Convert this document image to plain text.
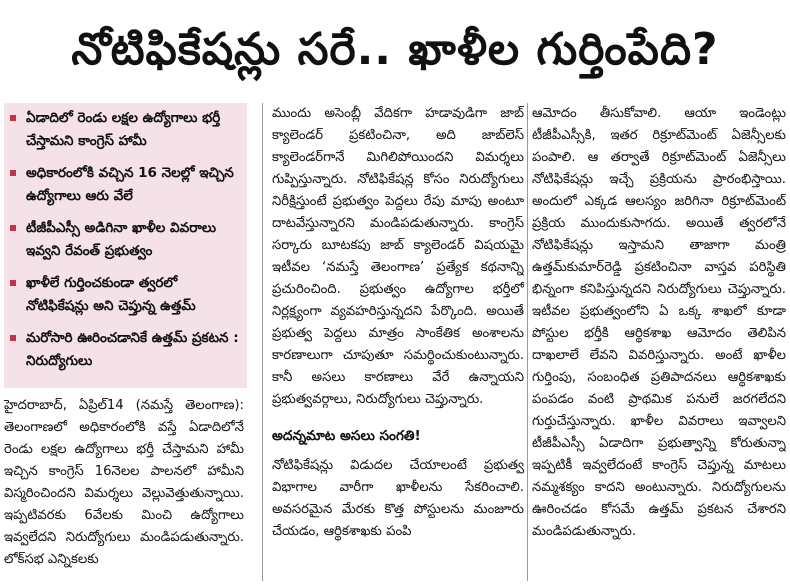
నోటిఫికేషన్లు సరే.. ఖాళీల గుర్తింపేది?
ఏడాదిలో రెండు లక్షల ఉద్యోగాలు భర్తీ చేస్తామని కాంగ్రెస్ హామీ
అధికారంలోకి వచ్చిన 16 నెలల్లో ఇచ్చిన ఉద్యోగాలు ఆరు వేలే
టీజీపీఎస్సీ అడిగినా ఖాళీల వివరాలు ఇవ్వని రేవంత్ ప్రభుత్వం
ఖాళీలే గుర్తించకుండా త్వరలో నోటిఫికేషన్లు అని చెప్తున్న ఉత్తమ్
మరోసారి ఊరించడానికే ఉత్తమ్ ప్రకటన : నిరుద్యోగులు

హైదరాబాద్, ఏప్రిల్14 (నమస్తే తెలంగాణ): తెలంగాణలో అధికారంలోకి వస్తే ఏడాదిలోనే రెండు లక్షల ఉద్యోగాలు భర్తీ చేస్తామని హామీ ఇచ్చిన కాంగ్రెస్ 16నెలల పాలనలో హామీని విస్మరించిందని విమర్శలు వెల్లువెత్తుతున్నాయి. ఇప్పటివరకు 6వేలకు మించి ఉద్యోగాలు ఇవ్వలేదని నిరుద్యోగులు మండిపడుతున్నారు. లోక్‌సభ ఎన్నికలకు

ముందు అసెంబ్లీ వేదికగా హడావుడిగా జాబ్ క్యాలెండర్ ప్రకటించినా, అది జాబ్‌లెస్ క్యాలెండర్‌గానే మిగిలిపోయిందని విమర్శలు గుప్పిస్తున్నారు. నోటిఫికేషన్ల కోసం నిరుద్యోగులు నిరీక్షిస్తుంటే ప్రభుత్వం పెద్దలు రేపు మాపు అంటూ దాటవేస్తున్నారని మండిపడుతున్నారు. కాంగ్రెస్ సర్కారు బూటకపు జాబ్ క్యాలెండర్ విషయమై ఇటీవల ‘నమస్తే తెలంగాణ’ ప్రత్యేక కథనాన్ని ప్రచురించింది. ప్రభుత్వం ఉద్యోగాల భర్తీలో నిర్లక్ష్యంగా వ్యవహరిస్తున్నదని పేర్కొంది. అయితే ప్రభుత్వ పెద్దలు మాత్రం సాంకేతిక అంశాలను కారణాలుగా చూపుతూ సమర్థించుకుంటున్నారు. కానీ అసలు కారణాలు వేరే ఉన్నాయని ప్రభుత్వవర్గాలు, నిరుద్యోగులు చెప్తున్నారు.

అదన్నమాట అసలు సంగతి!

నోటిఫికేషన్లు విడుదల చేయాలంటే ప్రభుత్వ విభాగాల వారీగా ఖాళీలను సేకరించాలి. అవసరమైన మేరకు కొత్త పోస్టులను మంజూరు చేయడం, ఆర్థికశాఖకు పంపి

ఆమోదం తీసుకోవాలి. ఆయా ఇండెంట్లు టీజీపీఎస్సీకి, ఇతర రిక్రూట్‌మెంట్ ఏజెన్సీలకు పంపాలి. ఆ తర్వాతే రిక్రూట్‌మెంట్ ఏజెన్సీలు నోటిఫికేషన్లు ఇచ్చే ప్రక్రియను ప్రారంభిస్తాయి. అందులో ఎక్కడ ఆలస్యం జరిగినా రిక్రూట్‌మెంట్ ప్రక్రియ ముందుకుసాగదు. అయితే త్వరలోనే నోటిఫికేషన్లు ఇస్తామని తాజాగా మంత్రి ఉత్తమ్‌కుమార్‌రెడ్డి ప్రకటించినా వాస్తవ పరిస్థితి భిన్నంగా కనిపిస్తున్నదని నిరుద్యోగులు చెప్తున్నారు. ఇటీవల ప్రభుత్వంలోని ఏ ఒక్క శాఖలో కూడా పోస్టుల భర్తీకి ఆర్థికశాఖ ఆమోదం తెలిపిన దాఖలాలే లేవని వివరిస్తున్నారు. అంటే ఖాళీల గుర్తింపు, సంబంధిత ప్రతిపాదనలు ఆర్థికశాఖకు పంపడం వంటి ప్రాథమిక పనులే జరగలేదని గుర్తుచేస్తున్నారు. ఖాళీల వివరాలు ఇవ్వాలని టీజీపీఎస్సీ ఏడాదిగా ప్రభుత్వాన్ని కోరుతున్నా ఇప్పటికీ ఇవ్వలేదంటే కాంగ్రెస్ చెప్తున్న మాటలు నమ్మశక్యం కాదని అంటున్నారు. నిరుద్యోగులను ఊరించడం కోసమే ఉత్తమ్ ప్రకటన చేశారని మండిపడుతున్నారు.
